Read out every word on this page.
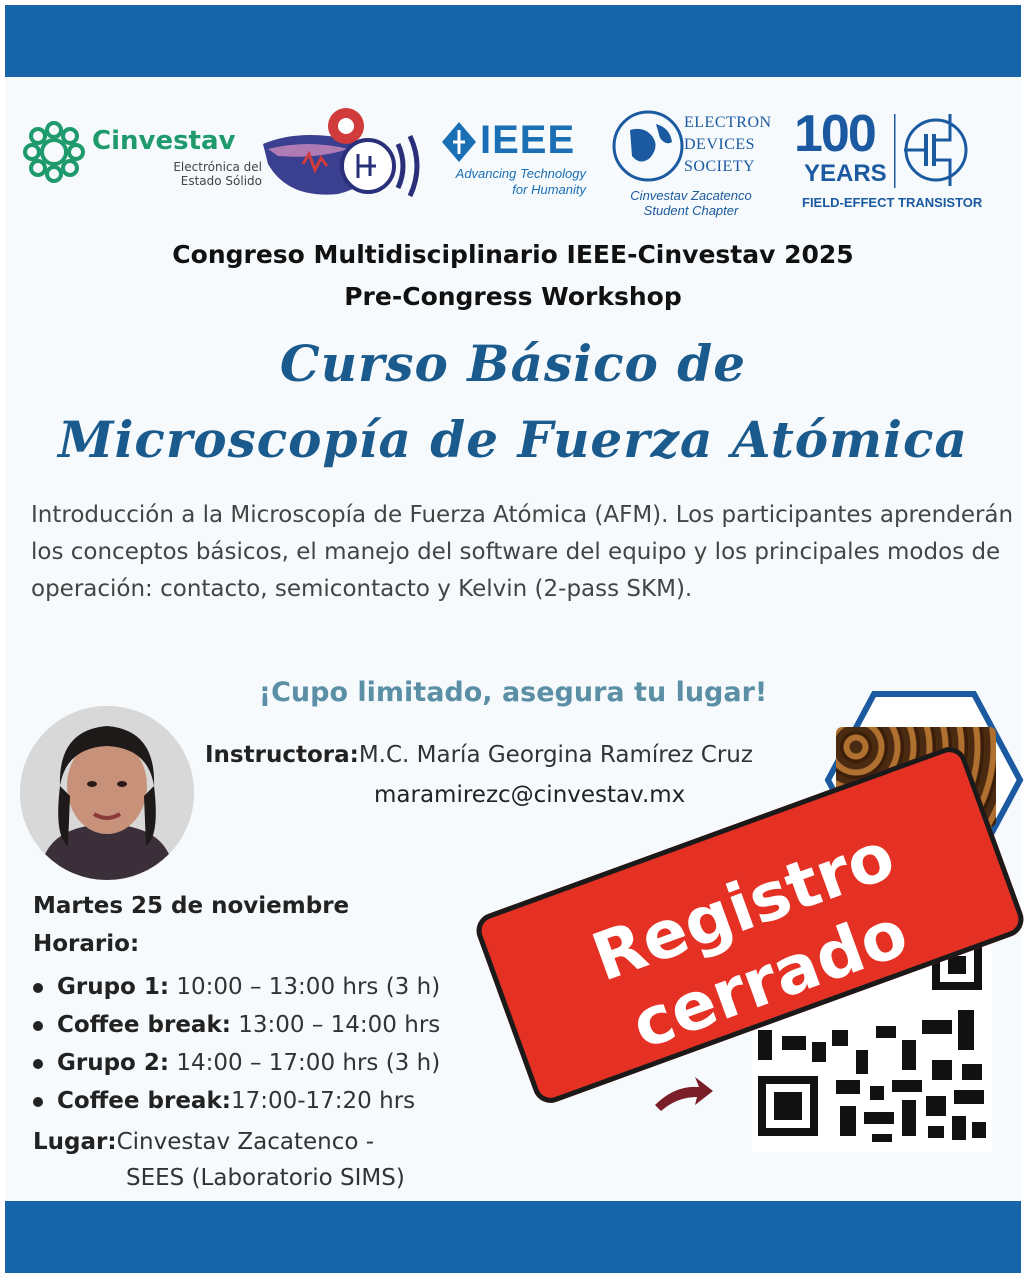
Cinvestav
Electrónica del
Estado Sólido
IEEE
Advancing Technology
for Humanity
ELECTRON
DEVICES
SOCIETY
Cinvestav Zacatenco
Student Chapter
100
YEARS
FIELD-EFFECT TRANSISTOR
Congreso Multidisciplinario IEEE-Cinvestav 2025
Pre-Congress Workshop
Curso Básico de
Microscopía de Fuerza Atómica
Introducción a la Microscopía de Fuerza Atómica (AFM). Los participantes aprenderán los conceptos básicos, el manejo del software del equipo y los principales modos de operación: contacto, semicontacto y Kelvin (2-pass SKM).
¡Cupo limitado, asegura tu lugar!
Instructora:M.C. María Georgina Ramírez Cruz
maramirezc@cinvestav.mx
Martes 25 de noviembre
Horario:
Grupo 1: 10:00 – 13:00 hrs (3 h)
Coffee break: 13:00 – 14:00 hrs
Grupo 2: 14:00 – 17:00 hrs (3 h)
Coffee break:17:00-17:20 hrs
Lugar:Cinvestav Zacatenco -
SEES (Laboratorio SIMS)
Registro cerrado
